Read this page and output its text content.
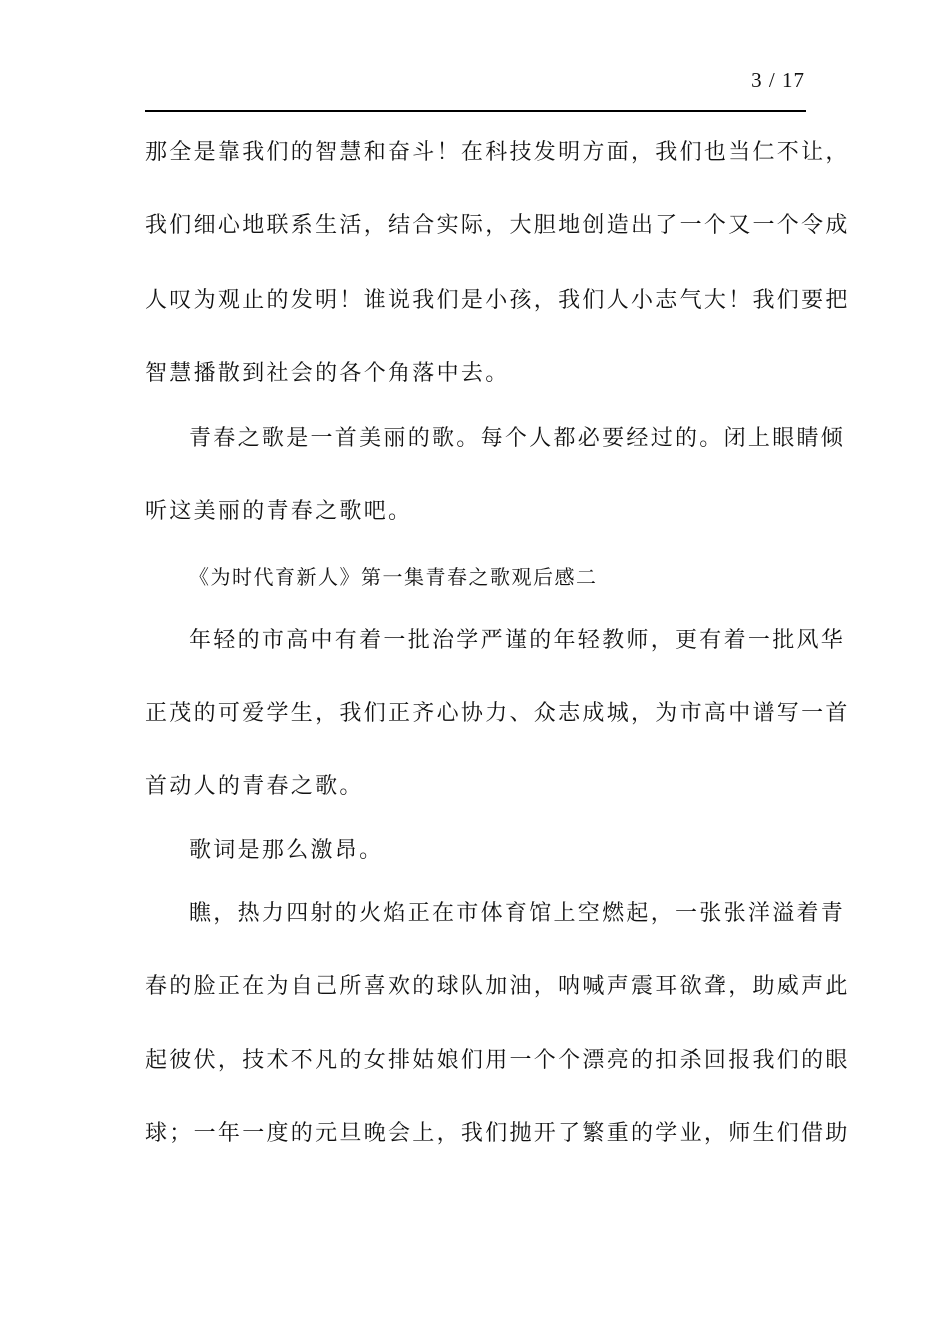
3 / 17
那全是靠我们的智慧和奋斗！在科技发明方面，我们也当仁不让，
我们细心地联系生活，结合实际，大胆地创造出了一个又一个令成
人叹为观止的发明！谁说我们是小孩，我们人小志气大！我们要把
智慧播散到社会的各个角落中去。
青春之歌是一首美丽的歌。每个人都必要经过的。闭上眼睛倾
听这美丽的青春之歌吧。
《为时代育新人》第一集青春之歌观后感二
年轻的市高中有着一批治学严谨的年轻教师，更有着一批风华
正茂的可爱学生，我们正齐心协力、众志成城，为市高中谱写一首
首动人的青春之歌。
歌词是那么激昂。
瞧，热力四射的火焰正在市体育馆上空燃起，一张张洋溢着青
春的脸正在为自己所喜欢的球队加油，呐喊声震耳欲聋，助威声此
起彼伏，技术不凡的女排姑娘们用一个个漂亮的扣杀回报我们的眼
球；一年一度的元旦晚会上，我们抛开了繁重的学业，师生们借助
